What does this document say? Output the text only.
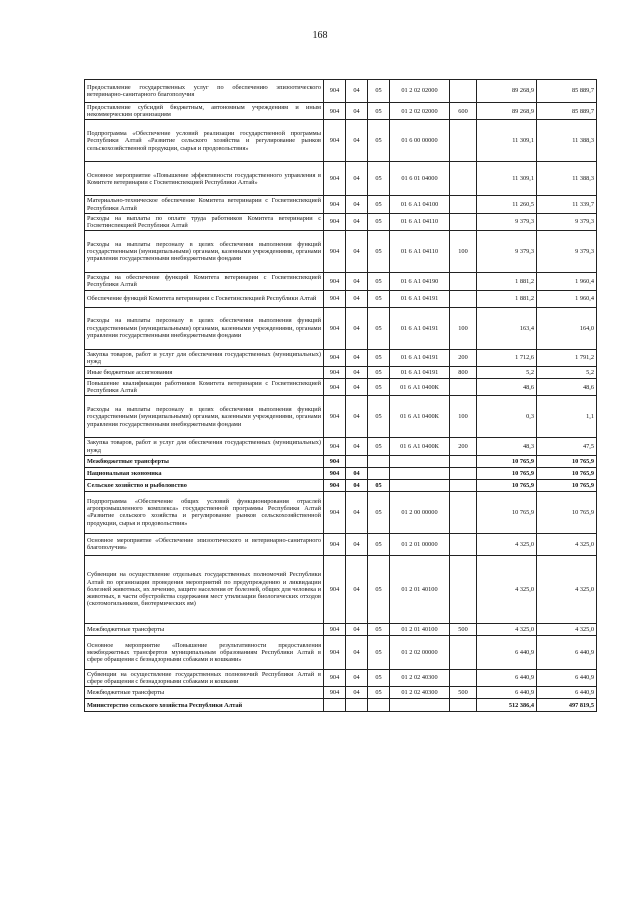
168
Предоставление государственных услуг по обеспечению эпизоотического ветеринарно-санитарного благополучия	904	04	05	01 2 02 02000		89 268,9	85 889,7
Предоставление субсидий бюджетным, автономным учреждениям и иным некоммерческим организациям	904	04	05	01 2 02 02000	600	89 268,9	85 889,7
Подпрограмма «Обеспечение условий реализации государственной программы Республики Алтай «Развитие сельского хозяйства и регулирование рынков сельскохозяйственной продукции, сырья и продовольствия»	904	04	05	01 6 00 00000		11 309,1	11 388,3
Основное мероприятие «Повышение эффективности государственного управления в Комитете ветеринарии с Госветинспекцией Республики Алтай»	904	04	05	01 6 01 04000		11 309,1	11 388,3
Материально-техническое обеспечение Комитета ветеринарии с Госветинспекцией Республики Алтай	904	04	05	01 6 А1 04100		11 260,5	11 339,7
Расходы на выплаты по оплате труда работников Комитета ветеринарии с Госветинспекцией Республики Алтай	904	04	05	01 6 А1 04110		9 379,3	9 379,3
Расходы на выплаты персоналу в целях обеспечения выполнения функций государственными (муниципальными) органами, казенными учреждениями, органами управления государственными внебюджетными фондами	904	04	05	01 6 А1 04110	100	9 379,3	9 379,3
Расходы на обеспечение функций Комитета ветеринарии с Госветинспекцией Республики Алтай	904	04	05	01 6 А1 04190		1 881,2	1 960,4
Обеспечение функций Комитета ветеринарии с Госветинспекцией Республики Алтай	904	04	05	01 6 А1 04191		1 881,2	1 960,4
Расходы на выплаты персоналу в целях обеспечения выполнения функций государственными (муниципальными) органами, казенными учреждениями, органами управления государственными внебюджетными фондами	904	04	05	01 6 А1 04191	100	163,4	164,0
Закупка товаров, работ и услуг для обеспечения государственных (муниципальных) нужд	904	04	05	01 6 А1 04191	200	1 712,6	1 791,2
Иные бюджетные ассигнования	904	04	05	01 6 А1 04191	800	5,2	5,2
Повышение квалификации работников Комитета ветеринарии с Госветинспекцией Республики Алтай	904	04	05	01 6 А1 0400К		48,6	48,6
Расходы на выплаты персоналу в целях обеспечения выполнения функций государственными (муниципальными) органами, казенными учреждениями, органами управления государственными внебюджетными фондами	904	04	05	01 6 А1 0400К	100	0,3	1,1
Закупка товаров, работ и услуг для обеспечения государственных (муниципальных) нужд	904	04	05	01 6 А1 0400К	200	48,3	47,5
Межбюджетные трансферты	904					10 765,9	10 765,9
Национальная экономика	904	04				10 765,9	10 765,9
Сельское хозяйство и рыболовство	904	04	05			10 765,9	10 765,9
Подпрограмма «Обеспечение общих условий функционирования отраслей агропромышленного комплекса» государственной программы Республики Алтай «Развитие сельского хозяйства и регулирование рынков сельскохозяйственной продукции, сырья и продовольствия»	904	04	05	01 2 00 00000		10 765,9	10 765,9
Основное мероприятие «Обеспечение эпизоотического и ветеринарно-санитарного благополучия»	904	04	05	01 2 01 00000		4 325,0	4 325,0
Субвенции на осуществление отдельных государственных полномочий Республики Алтай по организации проведения мероприятий по предупреждению и ликвидации болезней животных, их лечению, защите населения от болезней, общих для человека и животных, в части обустройства содержания мест утилизации биологических отходов (скотомогильников, биотермических ям)	904	04	05	01 2 01 40100		4 325,0	4 325,0
Межбюджетные трансферты	904	04	05	01 2 01 40100	500	4 325,0	4 325,0
Основное мероприятие «Повышение результативности предоставления межбюджетных трансфертов муниципальным образованиям Республики Алтай в сфере обращения с безнадзорными собаками и кошками»	904	04	05	01 2 02 00000		6 440,9	6 440,9
Субвенции на осуществление государственных полномочий Республики Алтай в сфере обращения с безнадзорными собаками и кошками	904	04	05	01 2 02 40300		6 440,9	6 440,9
Межбюджетные трансферты	904	04	05	01 2 02 40300	500	6 440,9	6 440,9
Министерство сельского хозяйства Республики Алтай						512 386,4	497 819,5
